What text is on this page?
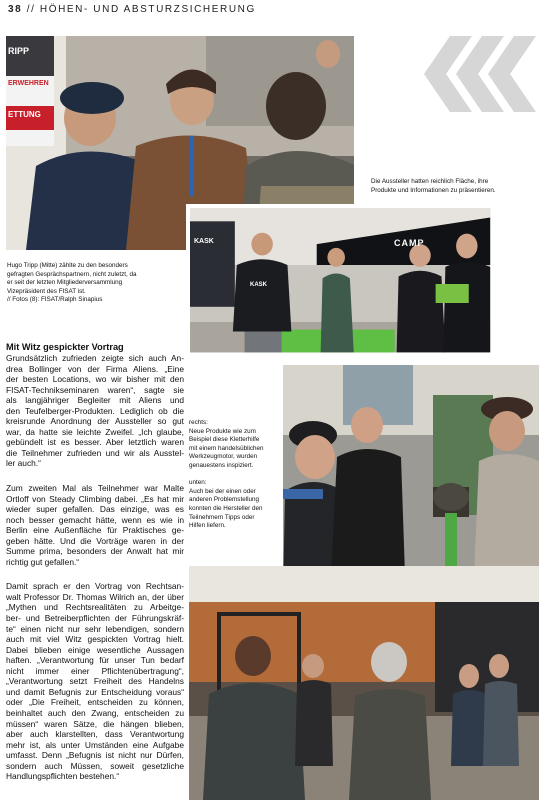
38 // HÖHEN- UND ABSTURZSICHERUNG
RIPP
ERWEHREN
ETTUNG
Die Aussteller hatten reichlich Fläche, ihre
Produkte und Informationen zu präsentieren.
KASK	CAMP
KASK
Hugo Tripp (Mitte) zählte zu den besonders
gefragten Gesprächspartnern, nicht zuletzt, da
er seit der letzten Mitgliederversammlung
Vizepräsident des FISAT ist.
// Fotos (8): FISAT/Ralph Sinapius
rechts:
Neue Produkte wie zum
Beispiel diese Kletterhilfe
mit einem handelsüblichen
Werkzeugmotor, wurden
genauestens inspiziert.
unten:
Auch bei der einen oder
anderen Problemstellung
konnten die Hersteller den
Teilnehmern Tipps oder
Hilfen liefern.
Mit Witz gespickter Vortrag
Grundsätzlich zufrieden zeigte sich auch An-
drea Bollinger von der Firma Aliens. „Eine
der besten Locations, wo wir bisher mit den
FISAT-Technikseminaren waren“, sagte sie
als langjähriger Begleiter mit Aliens und
den Teufelberger-Produkten. Lediglich ob die
kreisrunde Anordnung der Aussteller so gut
war, da hatte sie leichte Zweifel. „Ich glaube,
gebündelt ist es besser. Aber letztlich waren
die Teilnehmer zufrieden und wir als Ausstel-
ler auch.“
Zum zweiten Mal als Teilnehmer war Malte
Ortloff von Steady Climbing dabei. „Es hat mir
wieder super gefallen. Das einzige, was es
noch besser gemacht hätte, wenn es wie in
Berlin eine Außenfläche für Praktisches ge-
geben hätte. Und die Vorträge waren in der
Summe prima, besonders der Anwalt hat mir
richtig gut gefallen.“
Damit sprach er den Vortrag von Rechtsan-
walt Professor Dr. Thomas Wilrich an, der über
„Mythen und Rechtsrealitäten zu Arbeitge-
ber- und Betreiberpflichten der Führungskräf-
te“ einen nicht nur sehr lebendigen, sondern
auch mit viel Witz gespickten Vortrag hielt.
Dabei blieben einige wesentliche Aussagen
haften. „Verantwortung für unser Tun bedarf
nicht immer einer Pflichtenübertragung“,
„Verantwortung setzt Freiheit des Handelns
und damit Befugnis zur Entscheidung voraus“
oder „Die Freiheit, entscheiden zu können,
beinhaltet auch den Zwang, entscheiden zu
müssen“ waren Sätze, die hängen blieben,
aber auch klarstellten, dass Verantwortung
mehr ist, als unter Umständen eine Aufgabe
umfasst. Denn „Befugnis ist nicht nur Dürfen,
sondern auch Müssen, soweit gesetzliche
Handlungspflichten bestehen.“
